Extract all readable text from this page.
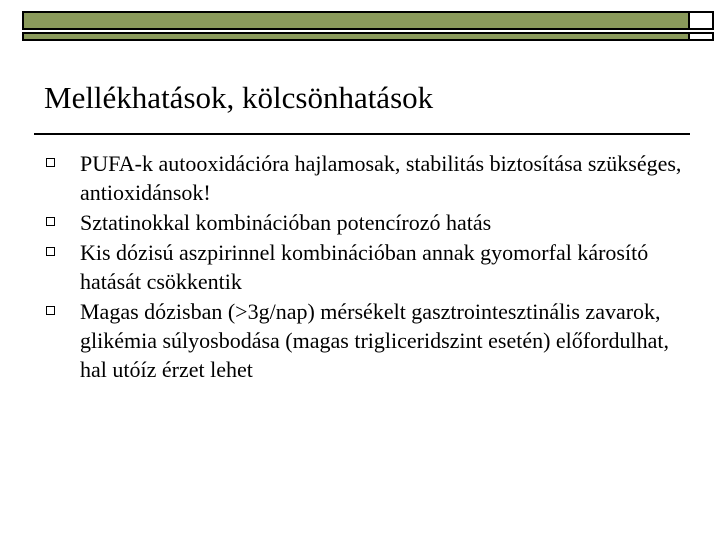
Mellékhatások, kölcsönhatások
PUFA-k autooxidációra hajlamosak, stabilitás biztosítása szükséges, antioxidánsok!
Sztatinokkal kombinációban potencírozó hatás
Kis dózisú aszpirinnel kombinációban annak gyomorfal károsító hatását csökkentik
Magas dózisban (>3g/nap) mérsékelt gasztrointesztinális zavarok, glikémia súlyosbodása (magas trigliceridszint esetén) előfordulhat, hal utóíz érzet lehet
